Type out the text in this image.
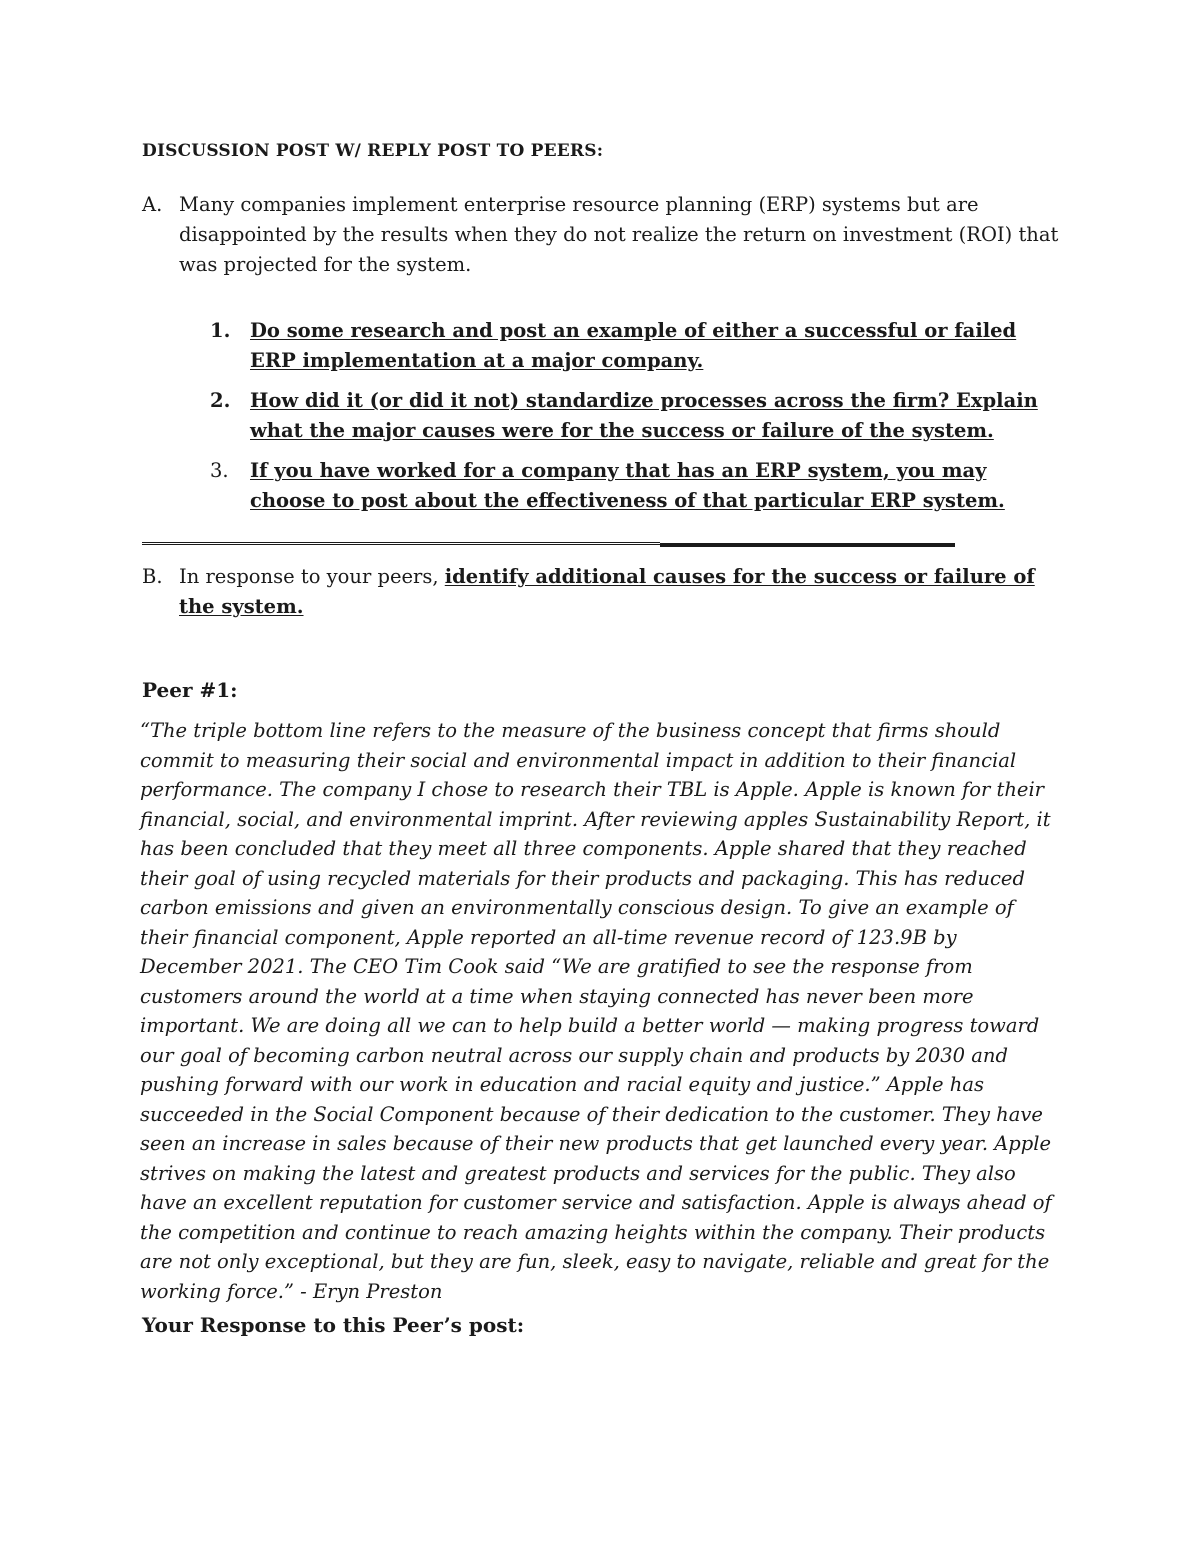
DISCUSSION POST W/ REPLY POST TO PEERS:
A. Many companies implement enterprise resource planning (ERP) systems but are disappointed by the results when they do not realize the return on investment (ROI) that was projected for the system.
1. Do some research and post an example of either a successful or failed ERP implementation at a major company.
2. How did it (or did it not) standardize processes across the firm? Explain what the major causes were for the success or failure of the system.
3. If you have worked for a company that has an ERP system, you may choose to post about the effectiveness of that particular ERP system.
B. In response to your peers, identify additional causes for the success or failure of the system.
Peer #1:
“The triple bottom line refers to the measure of the business concept that firms should commit to measuring their social and environmental impact in addition to their financial performance. The company I chose to research their TBL is Apple. Apple is known for their financial, social, and environmental imprint. After reviewing apples Sustainability Report, it has been concluded that they meet all three components. Apple shared that they reached their goal of using recycled materials for their products and packaging. This has reduced carbon emissions and given an environmentally conscious design. To give an example of their financial component, Apple reported an all-time revenue record of 123.9B by December 2021. The CEO Tim Cook said “We are gratified to see the response from customers around the world at a time when staying connected has never been more important. We are doing all we can to help build a better world — making progress toward our goal of becoming carbon neutral across our supply chain and products by 2030 and pushing forward with our work in education and racial equity and justice.” Apple has succeeded in the Social Component because of their dedication to the customer. They have seen an increase in sales because of their new products that get launched every year. Apple strives on making the latest and greatest products and services for the public. They also have an excellent reputation for customer service and satisfaction. Apple is always ahead of the competition and continue to reach amazing heights within the company. Their products are not only exceptional, but they are fun, sleek, easy to navigate, reliable and great for the working force.” - Eryn Preston
Your Response to this Peer’s post:
